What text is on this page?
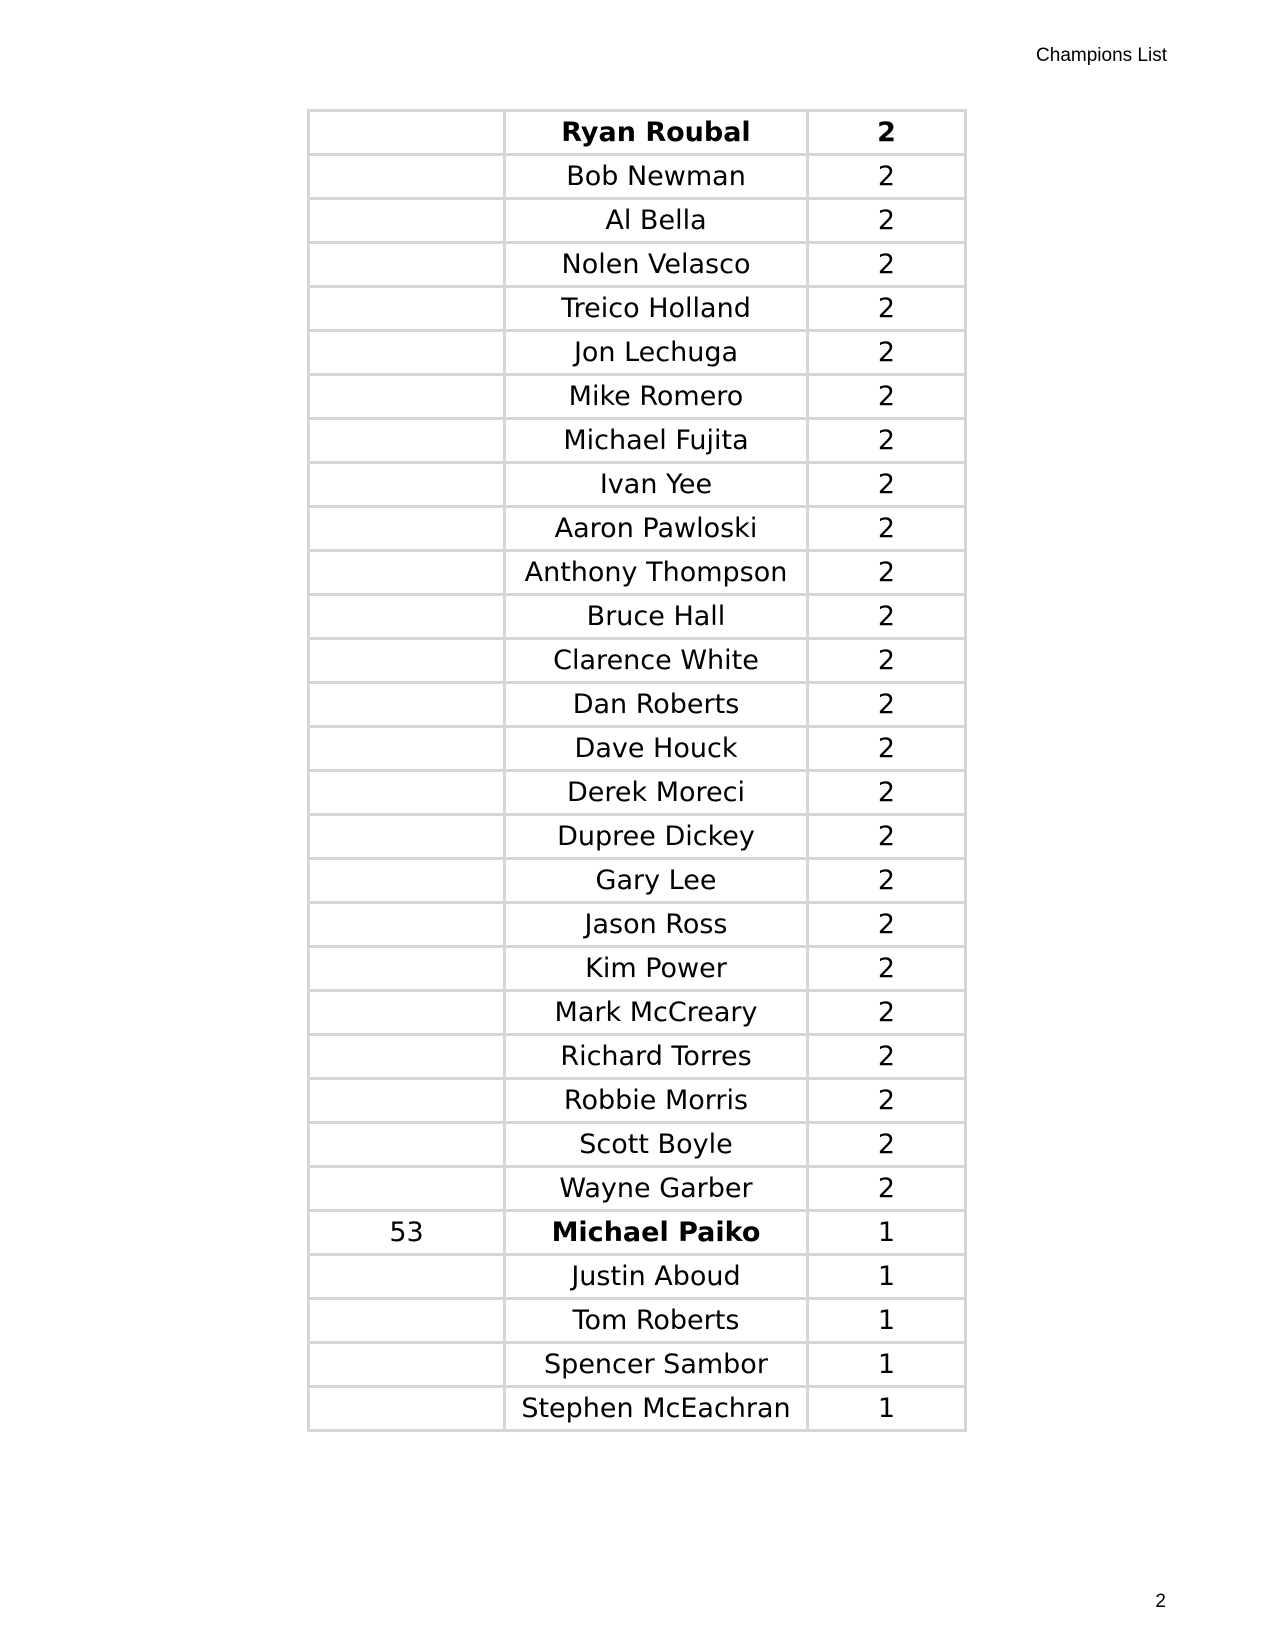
Champions List
	Ryan Roubal	2
	Bob Newman	2
	Al Bella	2
	Nolen Velasco	2
	Treico Holland	2
	Jon Lechuga	2
	Mike Romero	2
	Michael Fujita	2
	Ivan Yee	2
	Aaron Pawloski	2
	Anthony Thompson	2
	Bruce Hall	2
	Clarence White	2
	Dan Roberts	2
	Dave Houck	2
	Derek Moreci	2
	Dupree Dickey	2
	Gary Lee	2
	Jason Ross	2
	Kim Power	2
	Mark McCreary	2
	Richard Torres	2
	Robbie Morris	2
	Scott Boyle	2
	Wayne Garber	2
53	Michael Paiko	1
	Justin Aboud	1
	Tom Roberts	1
	Spencer Sambor	1
	Stephen McEachran	1
2
